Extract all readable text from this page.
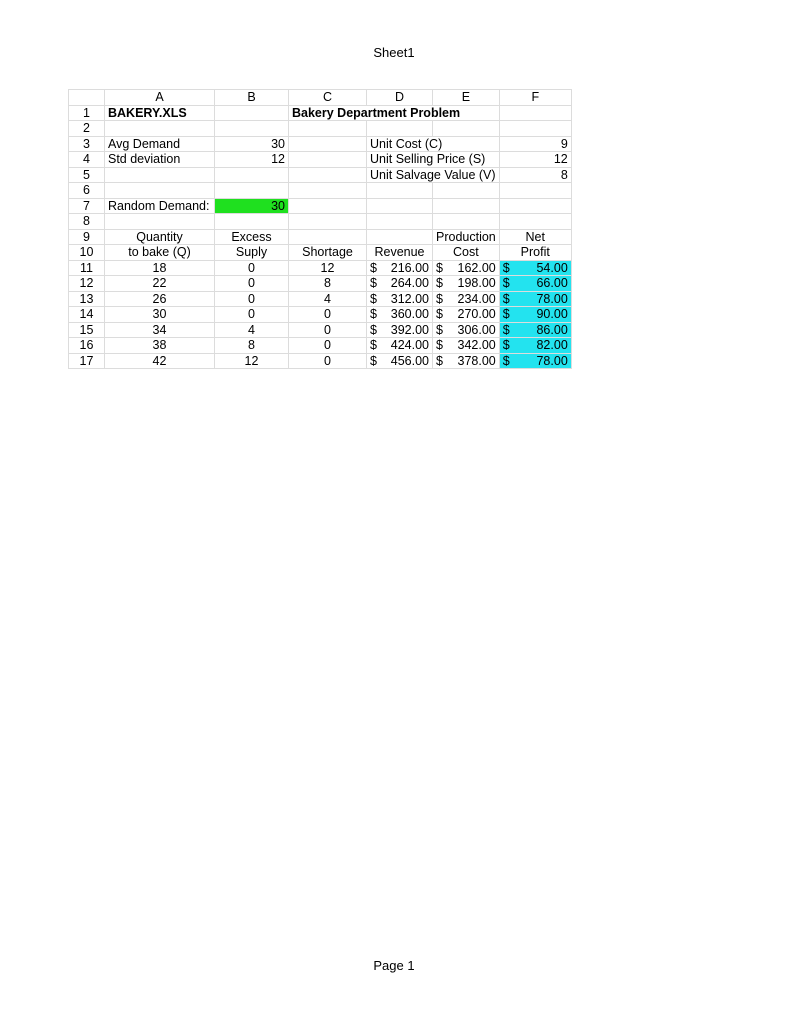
Sheet1
	A	B	C	D	E	F
1	BAKERY.XLS		Bakery Department Problem			
2						
3	Avg Demand	30		Unit Cost (C)		9
4	Std deviation	12		Unit Selling Price (S)		12
5				Unit Salvage Value (V)		8
6						
7	Random Demand:	30				
8						
9	Quantity	Excess			Production	Net
10	to bake (Q)	Suply	Shortage	Revenue	Cost	Profit
11	18	0	12	$ 216.00	$ 162.00	$ 54.00

12	22	0	8	$ 264.00	$ 198.00	$ 66.00

13	26	0	4	$ 312.00	$ 234.00	$ 78.00

14	30	0	0	$ 360.00	$ 270.00	$ 90.00

15	34	4	0	$ 392.00	$ 306.00	$ 86.00

16	38	8	0	$ 424.00	$ 342.00	$ 82.00

17	42	12	0	$ 456.00	$ 378.00	$ 78.00
Page 1
